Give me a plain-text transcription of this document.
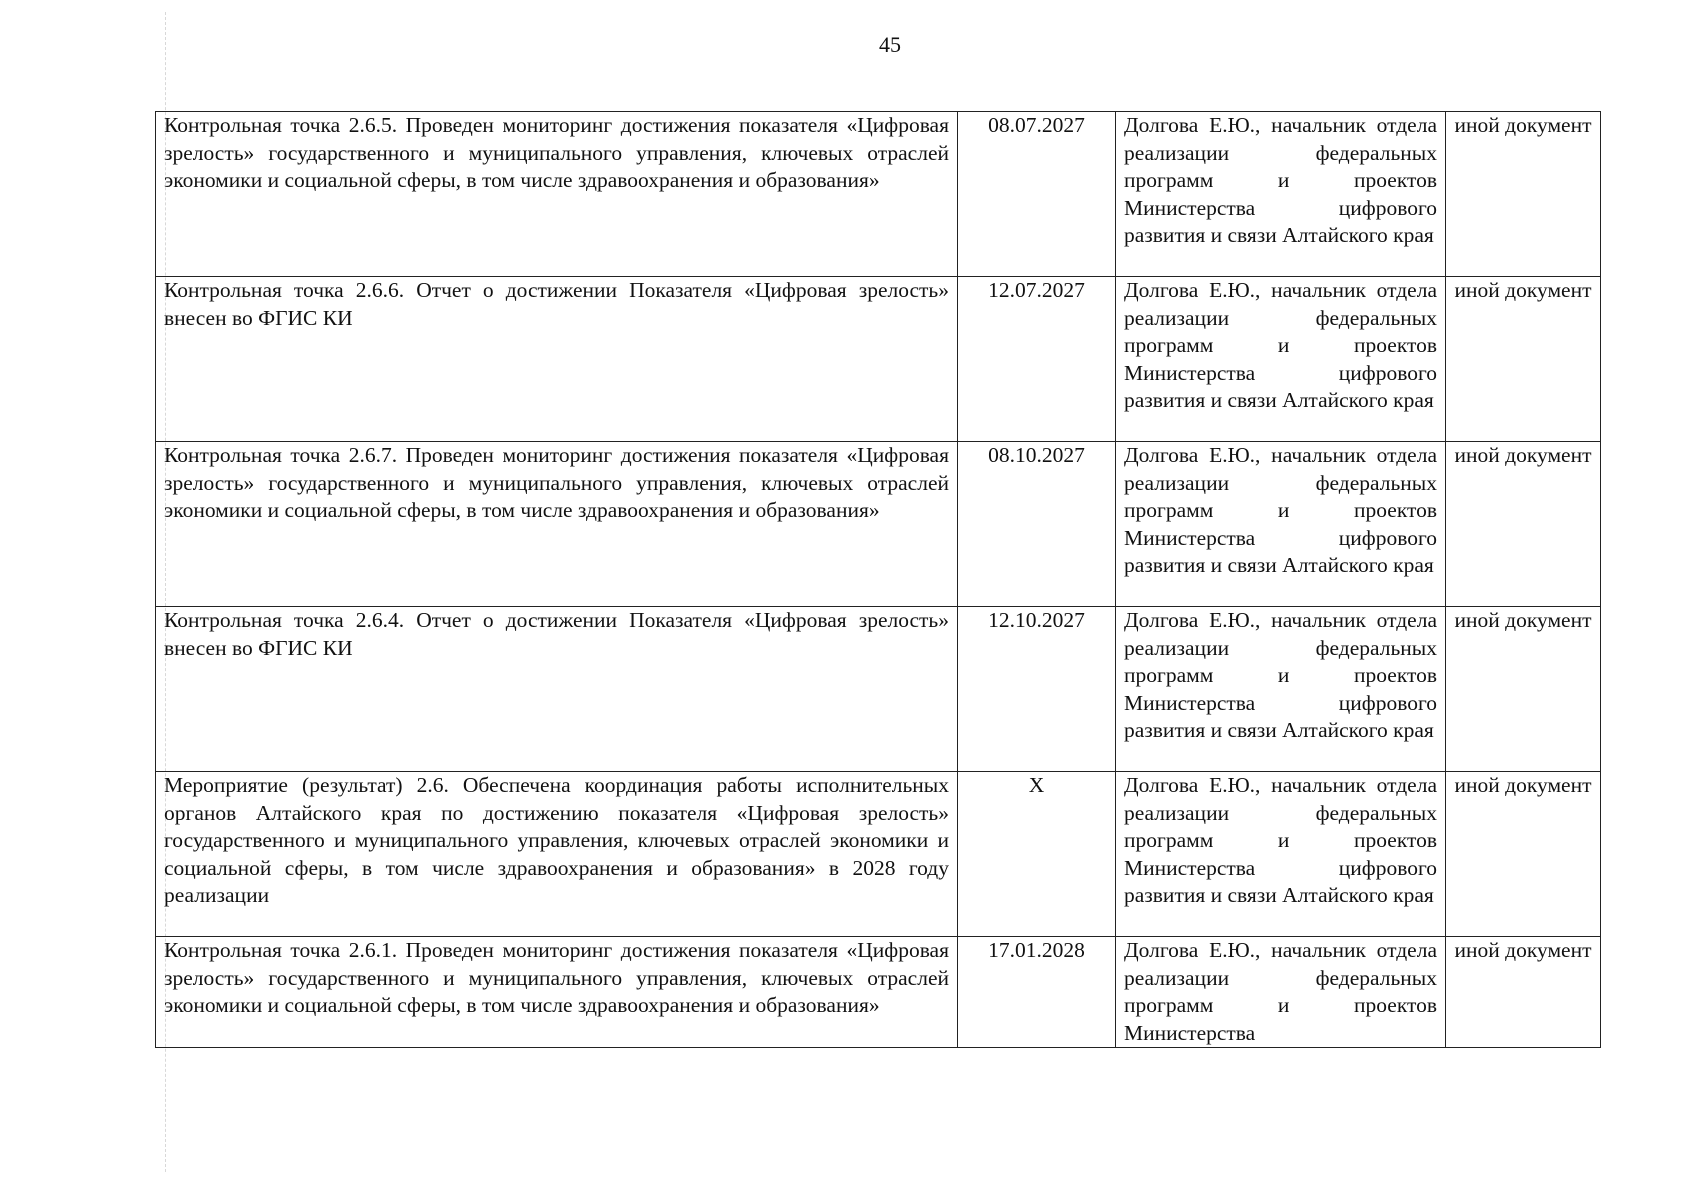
45
Контрольная точка 2.6.5. Проведен мониторинг достижения показателя «Цифровая зрелость» государственного и муниципального управления, ключевых отраслей экономики и социальной сферы, в том числе здравоохранения и образования»	08.07.2027	Долгова Е.Ю., начальник отдела реализации федеральных программ и проектов Министерства цифрового развития и связи Алтайского края	иной документ
Контрольная точка 2.6.6. Отчет о достижении Показателя «Цифровая зрелость» внесен во ФГИС КИ	12.07.2027	Долгова Е.Ю., начальник отдела реализации федеральных программ и проектов Министерства цифрового развития и связи Алтайского края	иной документ
Контрольная точка 2.6.7. Проведен мониторинг достижения показателя «Цифровая зрелость» государственного и муниципального управления, ключевых отраслей экономики и социальной сферы, в том числе здравоохранения и образования»	08.10.2027	Долгова Е.Ю., начальник отдела реализации федеральных программ и проектов Министерства цифрового развития и связи Алтайского края	иной документ
Контрольная точка 2.6.4. Отчет о достижении Показателя «Цифровая зрелость» внесен во ФГИС КИ	12.10.2027	Долгова Е.Ю., начальник отдела реализации федеральных программ и проектов Министерства цифрового развития и связи Алтайского края	иной документ
Мероприятие (результат) 2.6. Обеспечена координация работы исполнительных органов Алтайского края по достижению показателя «Цифровая зрелость» государственного и муниципального управления, ключевых отраслей экономики и социальной сферы, в том числе здравоохранения и образования» в 2028 году реализации	X	Долгова Е.Ю., начальник отдела реализации федеральных программ и проектов Министерства цифрового развития и связи Алтайского края	иной документ
Контрольная точка 2.6.1. Проведен мониторинг достижения показателя «Цифровая зрелость» государственного и муниципального управления, ключевых отраслей экономики и социальной сферы, в том числе здравоохранения и образования»	17.01.2028	Долгова Е.Ю., начальник отдела реализации федеральных программ и проектов Министерства	иной документ
